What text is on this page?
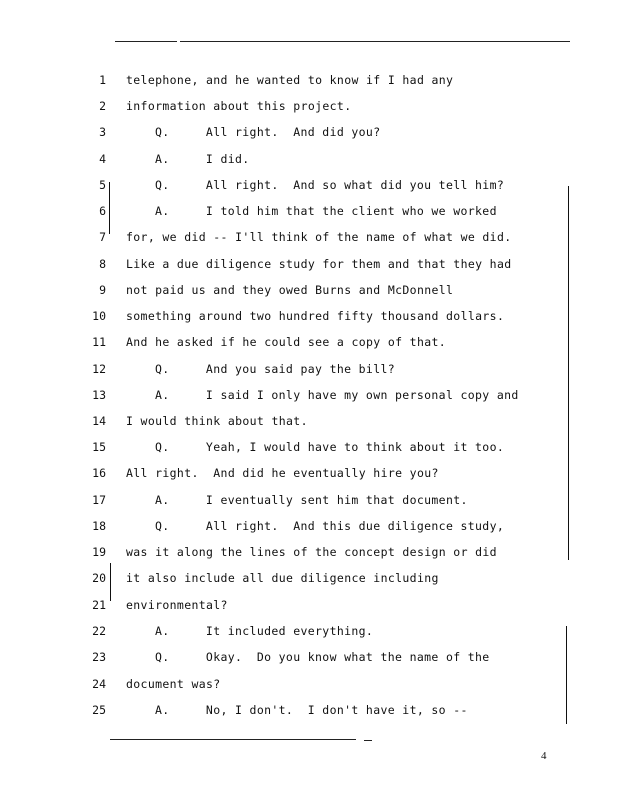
1 telephone, and he wanted to know if I had any
2 information about this project.
3	Q.     All right.  And did you?
4	A.     I did.
5	Q.     All right.  And so what did you tell him?
6	A.     I told him that the client who we worked
7 for, we did -- I'll think of the name of what we did.
8 Like a due diligence study for them and that they had
9 not paid us and they owed Burns and McDonnell
10 something around two hundred fifty thousand dollars.
11 And he asked if he could see a copy of that.
12	Q.     And you said pay the bill?
13	A.     I said I only have my own personal copy and
14 I would think about that.
15	Q.     Yeah, I would have to think about it too.
16 All right.  And did he eventually hire you?
17	A.     I eventually sent him that document.
18	Q.     All right.  And this due diligence study,
19 was it along the lines of the concept design or did
20 it also include all due diligence including
21 environmental?
22	A.     It included everything.
23	Q.     Okay.  Do you know what the name of the
24 document was?
25	A.     No, I don't.  I don't have it, so --
4
